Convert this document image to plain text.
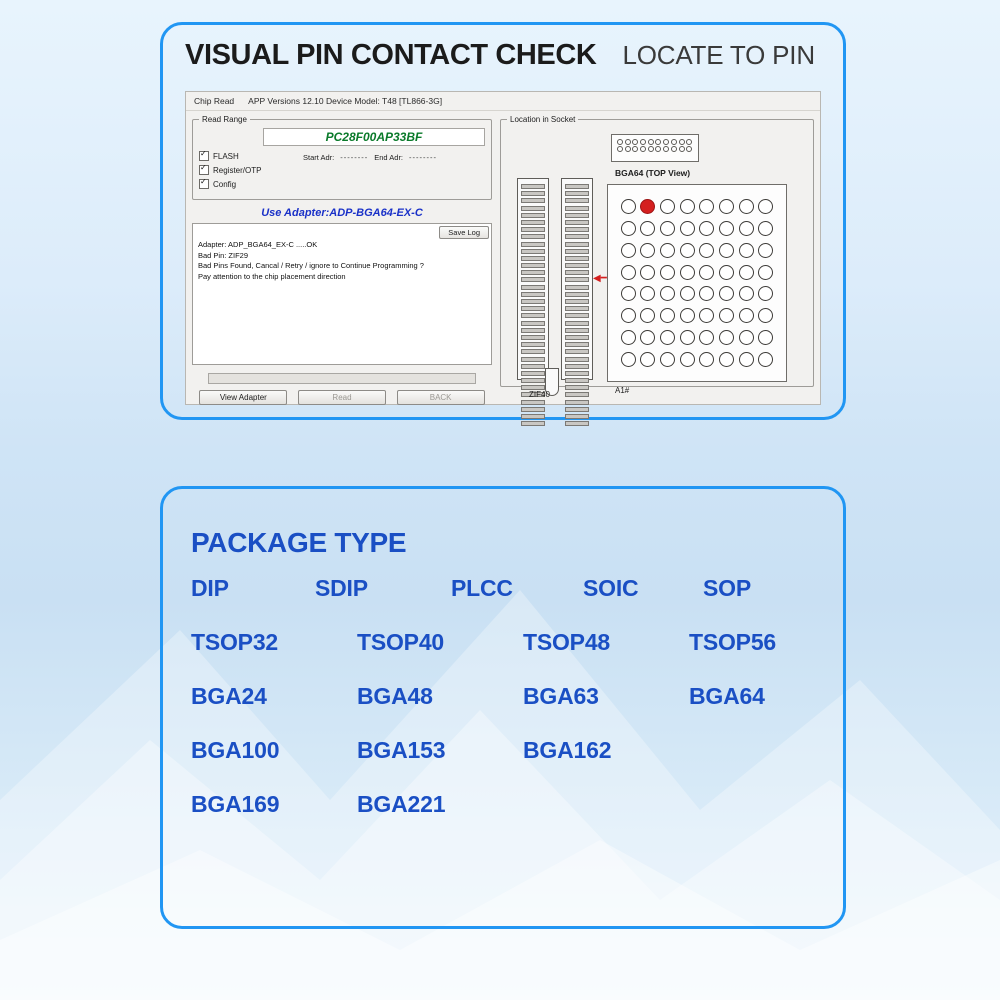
VISUAL PIN CONTACT CHECK LOCATE TO PIN
Chip Read APP Versions 12.10 Device Model: T48 [TL866-3G]
Read Range
PC28F00AP33BF
✓
FLASH
✓
Register/OTP
✓
Config
Start Adr: -------- End Adr: --------
Use Adapter:ADP-BGA64-EX-C
Save Log
Adapter: ADP_BGA64_EX-C .....OK
Bad Pin: ZIF29
Bad Pins Found, Cancal / Retry / ignore to Continue Programming ?
Pay attention to the chip placement direction
View Adapter	Read	BACK
Location in Socket
◀━
ZIF40
BGA64 (TOP View)
A1#
PACKAGE TYPE
DIP	SDIP	PLCC	SOIC	SOP
TSOP32	TSOP40	TSOP48	TSOP56
BGA24	BGA48	BGA63	BGA64
BGA100	BGA153	BGA162
BGA169	BGA221
